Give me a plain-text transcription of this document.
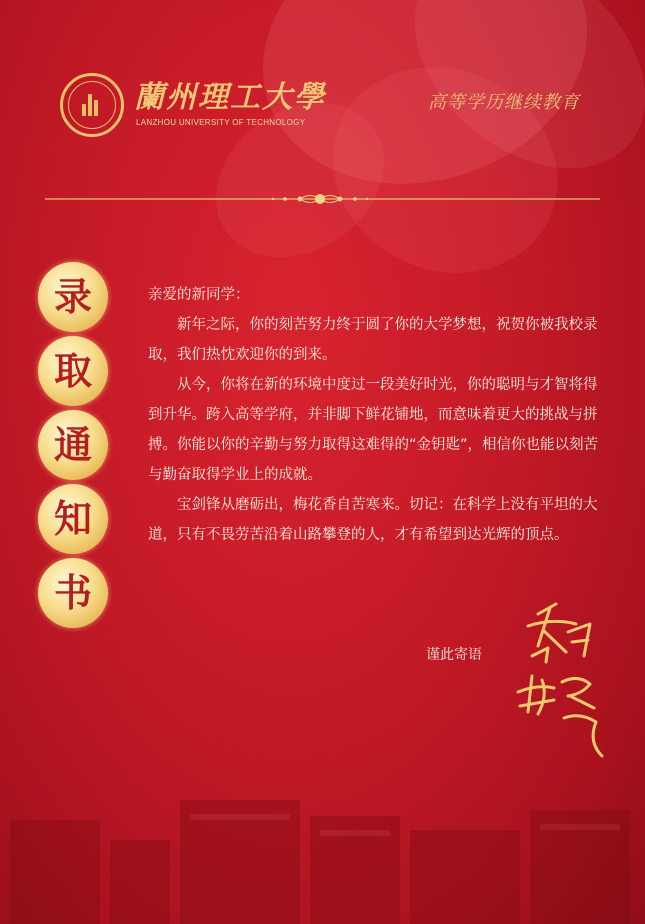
蘭州理工大學
LANZHOU UNIVERSITY OF TECHNOLOGY
高等学历继续教育
录
取
通
知
书
亲爱的新同学：

新年之际，你的刻苦努力终于圆了你的大学梦想，祝贺你被我校录取，我们热忱欢迎你的到来。

从今，你将在新的环境中度过一段美好时光，你的聪明与才智将得到升华。跨入高等学府，并非脚下鲜花铺地，而意味着更大的挑战与拼搏。你能以你的辛勤与努力取得这难得的“金钥匙”，相信你也能以刻苦与勤奋取得学业上的成就。

宝剑锋从磨砺出，梅花香自苦寒来。切记：在科学上没有平坦的大道，只有不畏劳苦沿着山路攀登的人，才有希望到达光辉的顶点。

谨此寄语
